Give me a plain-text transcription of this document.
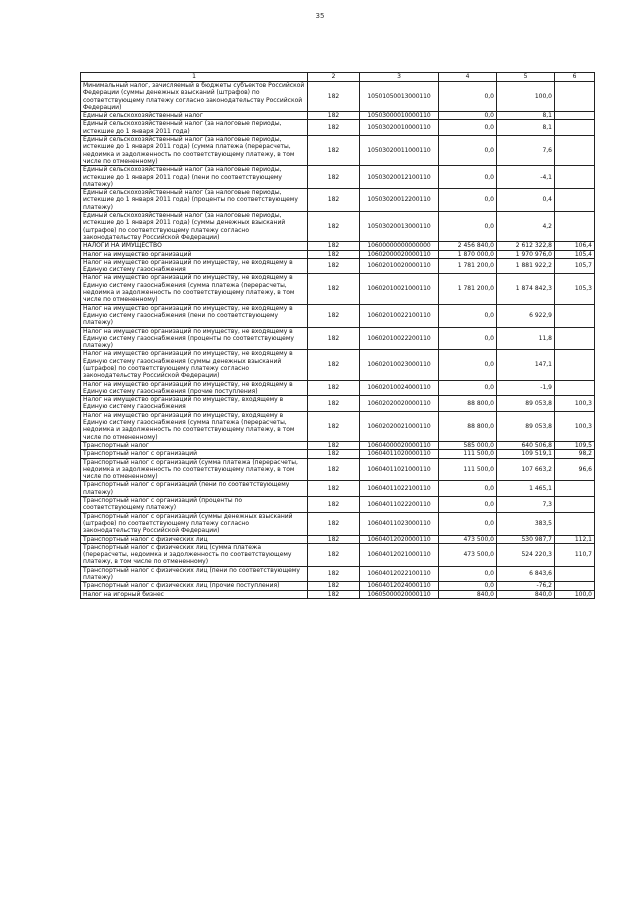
35
1	2	3	4	5	6
Минимальный налог, зачисляемый в бюджеты субъектов Российской Федерации (суммы денежных взысканий (штрафов) по соответствующему платежу согласно законодательству Российской Федерации)	182	10501050013000110	0,0	100,0	
Единый сельскохозяйственный налог	182	10503000010000110	0,0	8,1	
Единый сельскохозяйственный налог (за налоговые периоды, истекшие до 1 января 2011 года)	182	10503020010000110	0,0	8,1	
Единый сельскохозяйственный налог (за налоговые периоды, истекшие до 1 января 2011 года) (сумма платежа (перерасчеты, недоимка и задолженность по соответствующему платежу, в том числе по отмененному)	182	10503020011000110	0,0	7,6	
Единый сельскохозяйственный налог (за налоговые периоды, истекшие до 1 января 2011 года) (пени по соответствующему платежу)	182	10503020012100110	0,0	-4,1	
Единый сельскохозяйственный налог (за налоговые периоды, истекшие до 1 января 2011 года) (проценты по соответствующему платежу)	182	10503020012200110	0,0	0,4	
Единый сельскохозяйственный налог (за налоговые периоды, истекшие до 1 января 2011 года) (суммы денежных взысканий (штрафов) по соответствующему платежу согласно законодательству Российской Федерации)	182	10503020013000110	0,0	4,2	
НАЛОГИ НА ИМУЩЕСТВО	182	10600000000000000	2 456 840,0	2 612 322,8	106,4
Налог на имущество организаций	182	10602000020000110	1 870 000,0	1 970 976,0	105,4
Налог на имущество организаций по имуществу, не входящему в Единую систему газоснабжения	182	10602010020000110	1 781 200,0	1 881 922,2	105,7
Налог на имущество организаций по имуществу, не входящему в Единую систему газоснабжения (сумма платежа (перерасчеты, недоимка и задолженность по соответствующему платежу, в том числе по отмененному)	182	10602010021000110	1 781 200,0	1 874 842,3	105,3
Налог на имущество организаций по имуществу, не входящему в Единую систему газоснабжения (пени по соответствующему платежу)	182	10602010022100110	0,0	6 922,9	
Налог на имущество организаций по имуществу, не входящему в Единую систему газоснабжения (проценты по соответствующему платежу)	182	10602010022200110	0,0	11,8	
Налог на имущество организаций по имуществу, не входящему в Единую систему газоснабжения (суммы денежных взысканий (штрафов) по соответствующему платежу согласно законодательству Российской Федерации)	182	10602010023000110	0,0	147,1	
Налог на имущество организаций по имуществу, не входящему в Единую систему газоснабжения (прочие поступления)	182	10602010024000110	0,0	-1,9	
Налог на имущество организаций по имуществу, входящему в Единую систему газоснабжения	182	10602020020000110	88 800,0	89 053,8	100,3
Налог на имущество организаций по имуществу, входящему в Единую систему газоснабжения (сумма платежа (перерасчеты, недоимка и задолженность по соответствующему платежу, в том числе по отмененному)	182	10602020021000110	88 800,0	89 053,8	100,3
Транспортный налог	182	10604000020000110	585 000,0	640 506,8	109,5
Транспортный налог с организаций	182	10604011020000110	111 500,0	109 519,1	98,2
Транспортный налог с организаций (сумма платежа (перерасчеты, недоимка и задолженность по соответствующему платежу, в том числе по отмененному)	182	10604011021000110	111 500,0	107 663,2	96,6
Транспортный налог с организаций (пени по соответствующему платежу)	182	10604011022100110	0,0	1 465,1	
Транспортный налог с организаций (проценты по соответствующему платежу)	182	10604011022200110	0,0	7,3	
Транспортный налог с организаций (суммы денежных взысканий (штрафов) по соответствующему платежу согласно законодательству Российской Федерации)	182	10604011023000110	0,0	383,5	
Транспортный налог с физических лиц	182	10604012020000110	473 500,0	530 987,7	112,1
Транспортный налог с физических лиц (сумма платежа (перерасчеты, недоимка и задолженность по соответствующему платежу, в том числе по отмененному)	182	10604012021000110	473 500,0	524 220,3	110,7
Транспортный налог с физических лиц (пени по соответствующему платежу)	182	10604012022100110	0,0	6 843,6	
Транспортный налог с физических лиц (прочие поступления)	182	10604012024000110	0,0	-76,2	
Налог на игорный бизнес	182	10605000020000110	840,0	840,0	100,0
